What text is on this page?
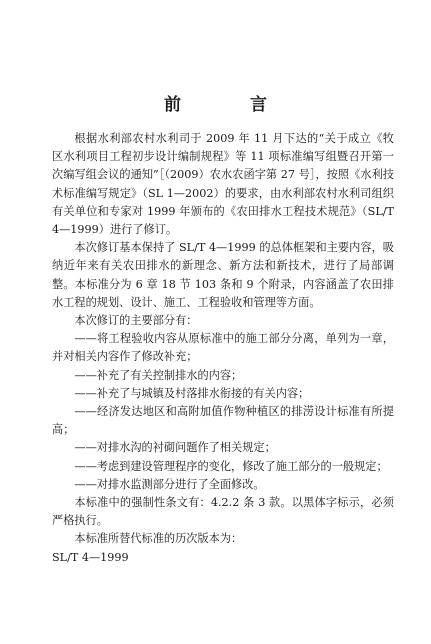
前　言

根据水利部农村水利司于 2009 年 11 月下达的“关于成立《牧区水利项目工程初步设计编制规程》等 11 项标准编写组暨召开第一次编写组会议的通知”［（2009）农水农函字第 27 号］，按照《水利技术标准编写规定》（SL 1—2002）的要求，由水利部农村水利司组织有关单位和专家对 1999 年颁布的《农田排水工程技术规范》（SL/T 4—1999）进行了修订。

本次修订基本保持了 SL/T 4—1999 的总体框架和主要内容，吸纳近年来有关农田排水的新理念、新方法和新技术，进行了局部调整。本标准分为 6 章 18 节 103 条和 9 个附录，内容涵盖了农田排水工程的规划、设计、施工、工程验收和管理等方面。

本次修订的主要部分有：

——将工程验收内容从原标准中的施工部分分离，单列为一章，并对相关内容作了修改补充；

——补充了有关控制排水的内容；

——补充了与城镇及村落排水衔接的有关内容；

——经济发达地区和高附加值作物种植区的排涝设计标准有所提高；

——对排水沟的衬砌问题作了相关规定；

——考虑到建设管理程序的变化，修改了施工部分的一般规定；

——对排水监测部分进行了全面修改。

本标准中的强制性条文有：4.2.2 条 3 款。以黑体字标示，必须严格执行。

本标准所替代标准的历次版本为：

SL/T 4—1999
